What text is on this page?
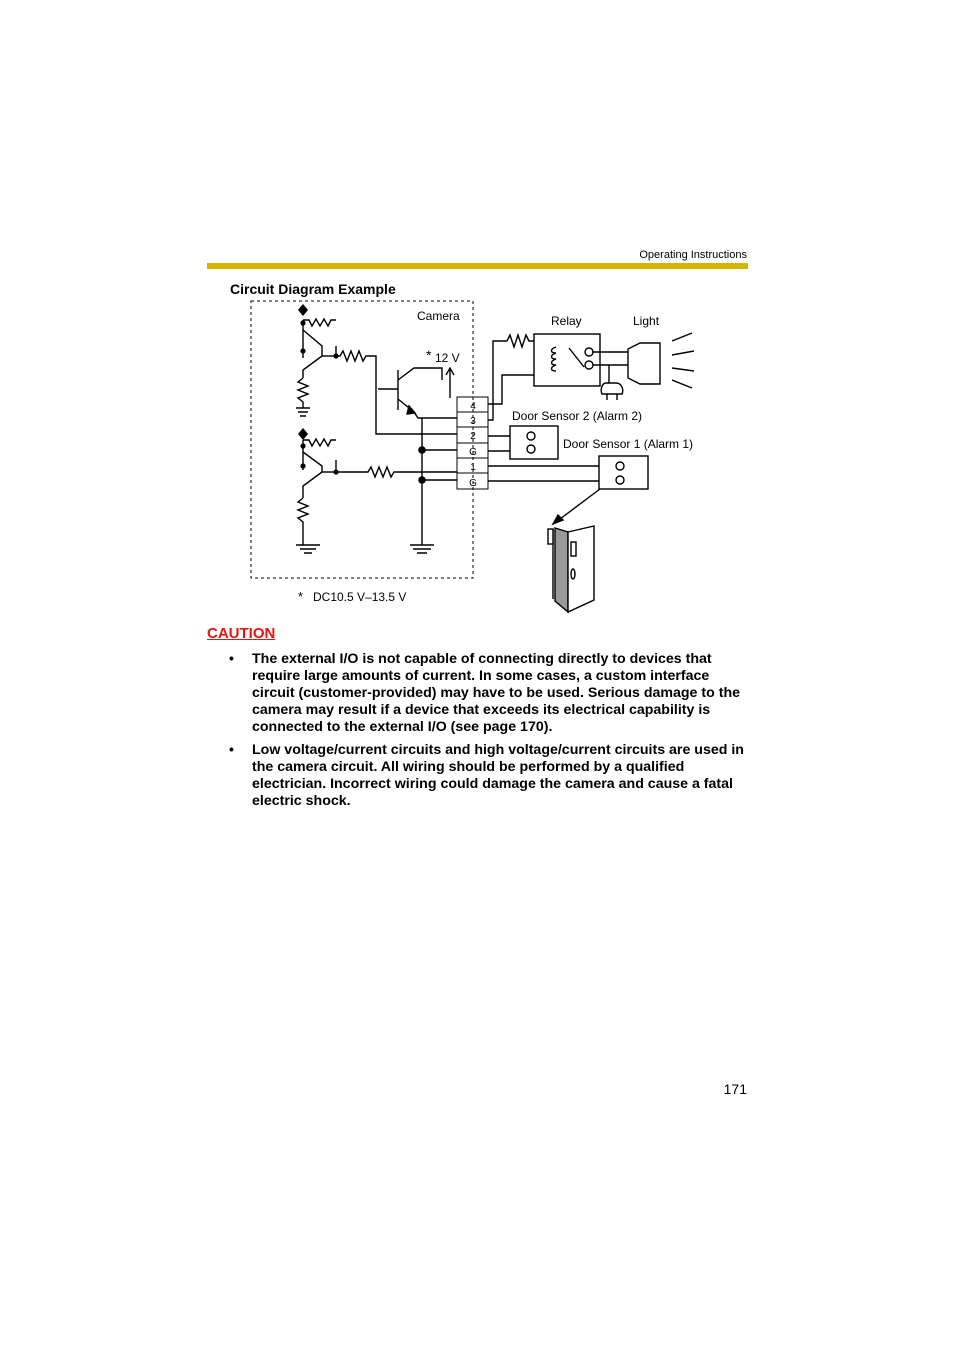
Operating Instructions
Circuit Diagram Example
Camera
* 12 V
4
3
2
G
1
G
Relay	Light
Door Sensor 2 (Alarm 2)
Door Sensor 1 (Alarm 1)
* DC10.5 V–13.5 V
CAUTION
• The external I/O is not capable of connecting directly to devices that require large amounts of current. In some cases, a custom interface circuit (customer-provided) may have to be used. Serious damage to the camera may result if a device that exceeds its electrical capability is connected to the external I/O (see page 170).
• Low voltage/current circuits and high voltage/current circuits are used in the camera circuit. All wiring should be performed by a qualified electrician. Incorrect wiring could damage the camera and cause a fatal electric shock.
171
